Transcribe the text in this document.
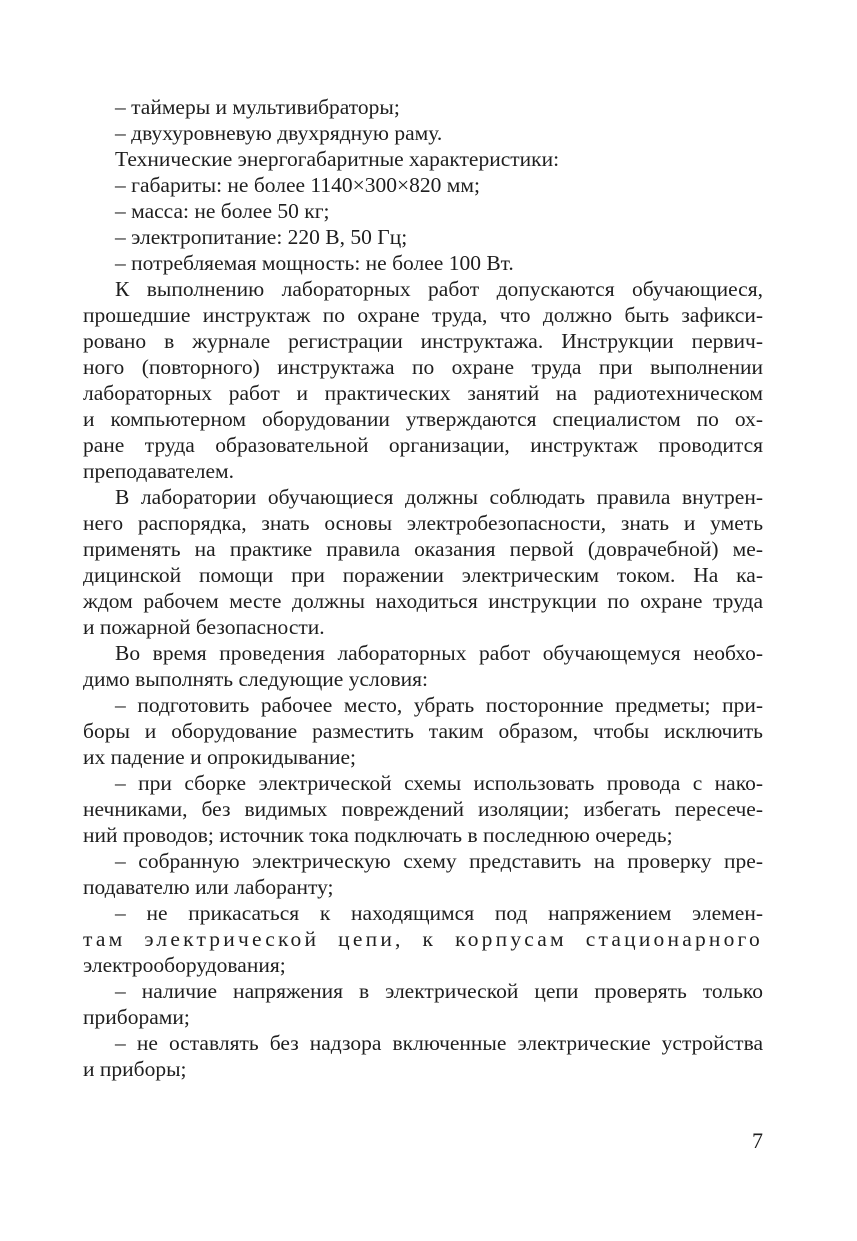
– таймеры и мультивибраторы;
– двухуровневую двухрядную раму.
Технические энергогабаритные характеристики:
– габариты: не более 1140×300×820 мм;
– масса: не более 50 кг;
– электропитание: 220 В, 50 Гц;
– потребляемая мощность: не более 100 Вт.
К выполнению лабораторных работ допускаются обучающиеся,
прошедшие инструктаж по охране труда, что должно быть зафикси-
ровано в журнале регистрации инструктажа. Инструкции первич-
ного (повторного) инструктажа по охране труда при выполнении
лабораторных работ и практических занятий на радиотехническом
и компьютерном оборудовании утверждаются специалистом по ох-
ране труда образовательной организации, инструктаж проводится
преподавателем.
В лаборатории обучающиеся должны соблюдать правила внутрен-
него распорядка, знать основы электробезопасности, знать и уметь
применять на практике правила оказания первой (доврачебной) ме-
дицинской помощи при поражении электрическим током. На ка-
ждом рабочем месте должны находиться инструкции по охране труда
и пожарной безопасности.
Во время проведения лабораторных работ обучающемуся необхо-
димо выполнять следующие условия:
– подготовить рабочее место, убрать посторонние предметы; при-
боры и оборудование разместить таким образом, чтобы исключить
их падение и опрокидывание;
– при сборке электрической схемы использовать провода с нако-
нечниками, без видимых повреждений изоляции; избегать пересече-
ний проводов; источник тока подключать в последнюю очередь;
– собранную электрическую схему представить на проверку пре-
подавателю или лаборанту;
– не прикасаться к находящимся под напряжением элемен-
там электрической цепи, к корпусам стационарного
электрооборудования;
– наличие напряжения в электрической цепи проверять только
приборами;
– не оставлять без надзора включенные электрические устройства
и приборы;
7
